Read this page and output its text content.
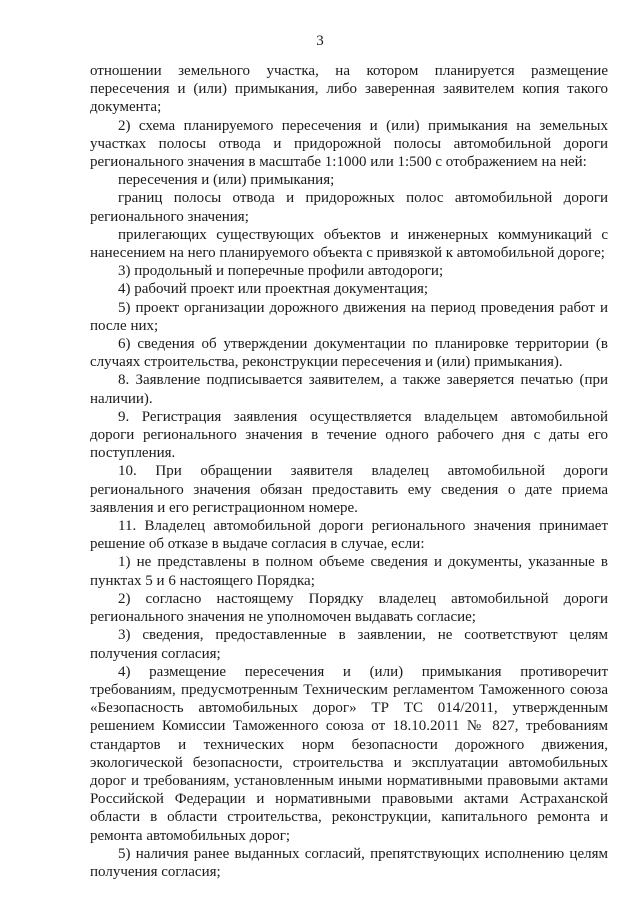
3

отношении земельного участка, на котором планируется размещение пересечения и (или) примыкания, либо заверенная заявителем копия такого документа;

2) схема планируемого пересечения и (или) примыкания на земельных участках полосы отвода и придорожной полосы автомобильной дороги регионального значения в масштабе 1:1000 или 1:500 с отображением на ней:

пересечения и (или) примыкания;

границ полосы отвода и придорожных полос автомобильной дороги регионального значения;

прилегающих существующих объектов и инженерных коммуникаций с нанесением на него планируемого объекта с привязкой к автомобильной дороге;

3) продольный и поперечные профили автодороги;

4) рабочий проект или проектная документация;

5) проект организации дорожного движения на период проведения работ и после них;

6) сведения об утверждении документации по планировке территории (в случаях строительства, реконструкции пересечения и (или) примыкания).

8. Заявление подписывается заявителем, а также заверяется печатью (при наличии).

9. Регистрация заявления осуществляется владельцем автомобильной дороги регионального значения в течение одного рабочего дня с даты его поступления.

10. При обращении заявителя владелец автомобильной дороги регионального значения обязан предоставить ему сведения о дате приема заявления и его регистрационном номере.

11. Владелец автомобильной дороги регионального значения принимает решение об отказе в выдаче согласия в случае, если:

1) не представлены в полном объеме сведения и документы, указанные в пунктах 5 и 6 настоящего Порядка;

2) согласно настоящему Порядку владелец автомобильной дороги регионального значения не уполномочен выдавать согласие;

3) сведения, предоставленные в заявлении, не соответствуют целям получения согласия;

4) размещение пересечения и (или) примыкания противоречит требованиям, предусмотренным Техническим регламентом Таможенного союза «Безопасность автомобильных дорог» ТР ТС 014/2011, утвержденным решением Комиссии Таможенного союза от 18.10.2011 № 827, требованиям стандартов и технических норм безопасности дорожного движения, экологической безопасности, строительства и эксплуатации автомобильных дорог и требованиям, установленным иными нормативными правовыми актами Российской Федерации и нормативными правовыми актами Астраханской области в области строительства, реконструкции, капитального ремонта и ремонта автомобильных дорог;

5) наличия ранее выданных согласий, препятствующих исполнению целям получения согласия;
